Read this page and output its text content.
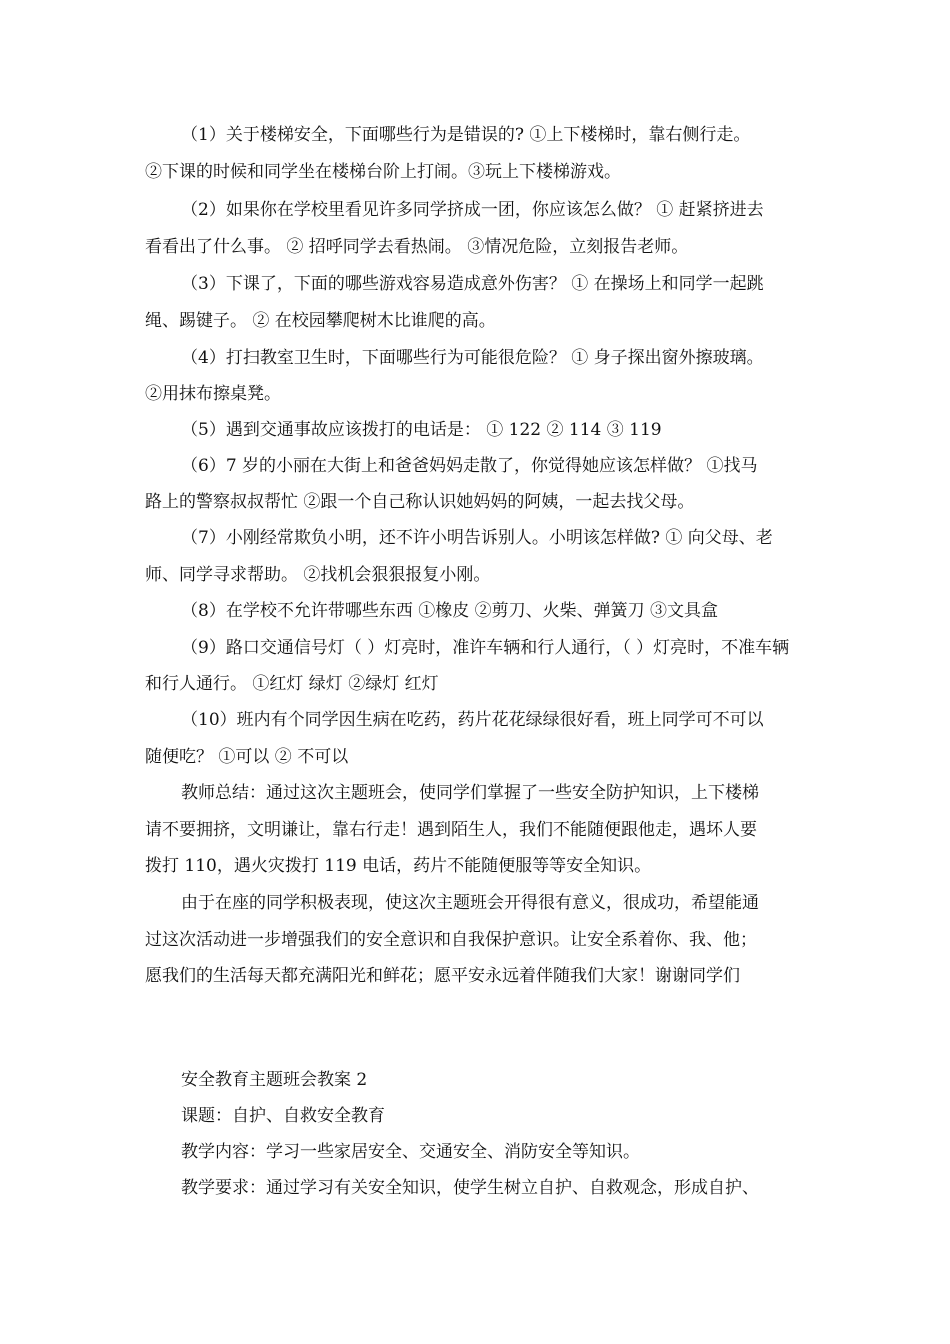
（1）关于楼梯安全，下面哪些行为是错误的? ①上下楼梯时，靠右侧行走。

②下课的时候和同学坐在楼梯台阶上打闹。③玩上下楼梯游戏。

（2）如果你在学校里看见许多同学挤成一团，你应该怎么做？ ① 赶紧挤进去

看看出了什么事。 ② 招呼同学去看热闹。 ③情况危险，立刻报告老师。

（3）下课了，下面的哪些游戏容易造成意外伤害？ ① 在操场上和同学一起跳

绳、踢键子。 ② 在校园攀爬树木比谁爬的高。

（4）打扫教室卫生时，下面哪些行为可能很危险？ ① 身子探出窗外擦玻璃。

②用抹布擦桌凳。

（5）遇到交通事故应该拨打的电话是： ① 122 ② 114 ③ 119

（6）7 岁的小丽在大街上和爸爸妈妈走散了，你觉得她应该怎样做？ ①找马

路上的警察叔叔帮忙 ②跟一个自己称认识她妈妈的阿姨，一起去找父母。

（7）小刚经常欺负小明，还不许小明告诉别人。小明该怎样做? ① 向父母、老

师、同学寻求帮助。 ②找机会狠狠报复小刚。

（8）在学校不允许带哪些东西 ①橡皮 ②剪刀、火柴、弹簧刀 ③文具盒

（9）路口交通信号灯（ ）灯亮时，准许车辆和行人通行，（ ）灯亮时，不准车辆

和行人通行。 ①红灯 绿灯 ②绿灯 红灯

（10）班内有个同学因生病在吃药，药片花花绿绿很好看，班上同学可不可以

随便吃？ ①可以 ② 不可以

教师总结：通过这次主题班会，使同学们掌握了一些安全防护知识，上下楼梯

请不要拥挤，文明谦让，靠右行走！遇到陌生人，我们不能随便跟他走，遇坏人要

拨打 110，遇火灾拨打 119 电话，药片不能随便服等等安全知识。

由于在座的同学积极表现，使这次主题班会开得很有意义，很成功，希望能通

过这次活动进一步增强我们的安全意识和自我保护意识。让安全系着你、我、他；

愿我们的生活每天都充满阳光和鲜花；愿平安永远着伴随我们大家！谢谢同学们

安全教育主题班会教案 2

课题：自护、自救安全教育

教学内容：学习一些家居安全、交通安全、消防安全等知识。

教学要求：通过学习有关安全知识，使学生树立自护、自救观念，形成自护、
